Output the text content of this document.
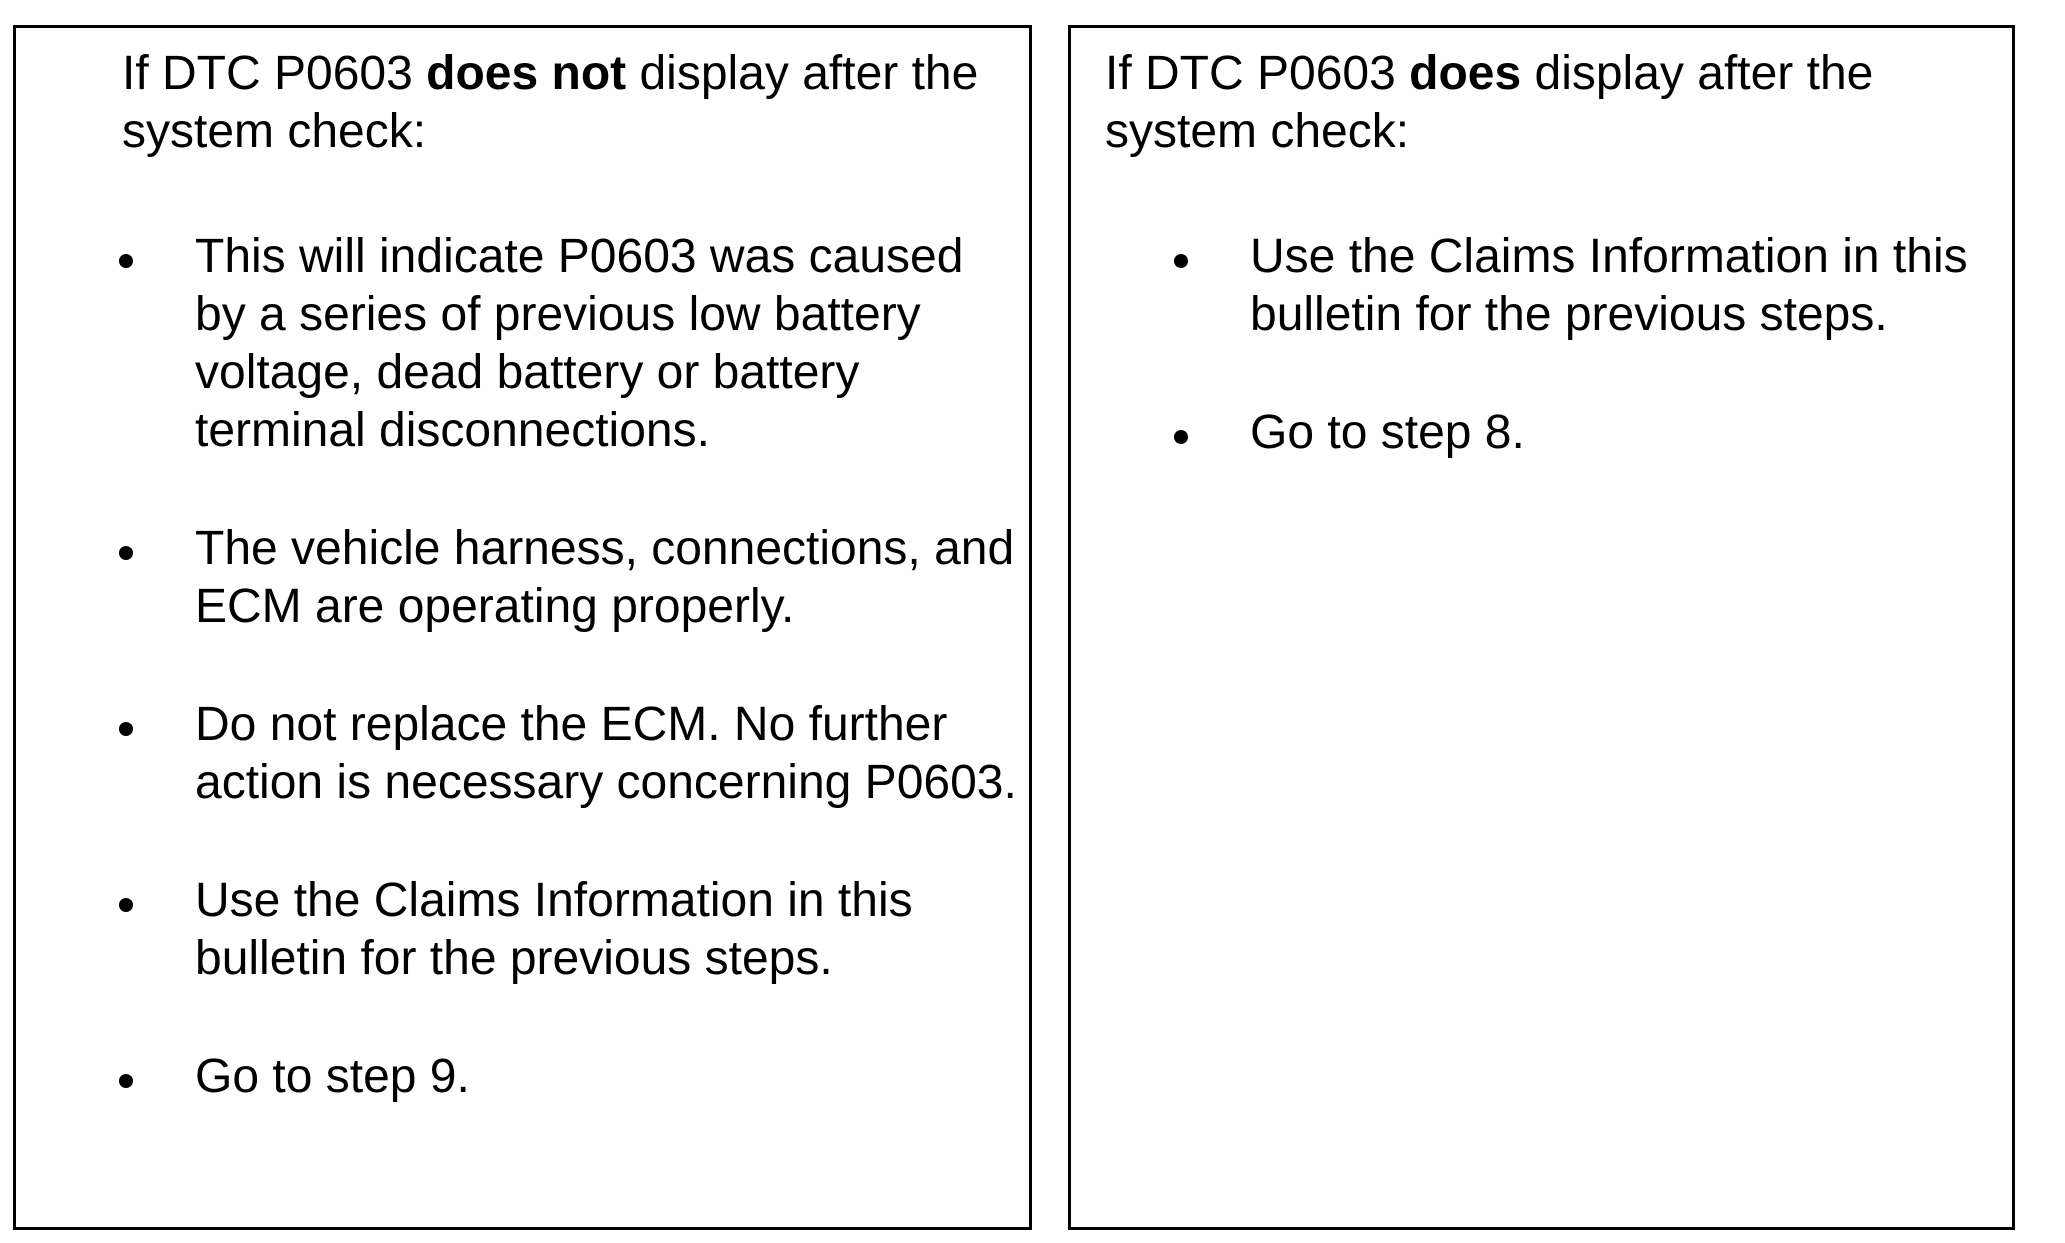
If DTC P0603 does not display after the system check:

This will indicate P0603 was caused by a series of previous low battery voltage, dead battery or battery terminal disconnections.
The vehicle harness, connections, and ECM are operating properly.
Do not replace the ECM. No further action is necessary concerning P0603.
Use the Claims Information in this bulletin for the previous steps.
Go to step 9.

If DTC P0603 does display after the system check:

Use the Claims Information in this bulletin for the previous steps.
Go to step 8.
